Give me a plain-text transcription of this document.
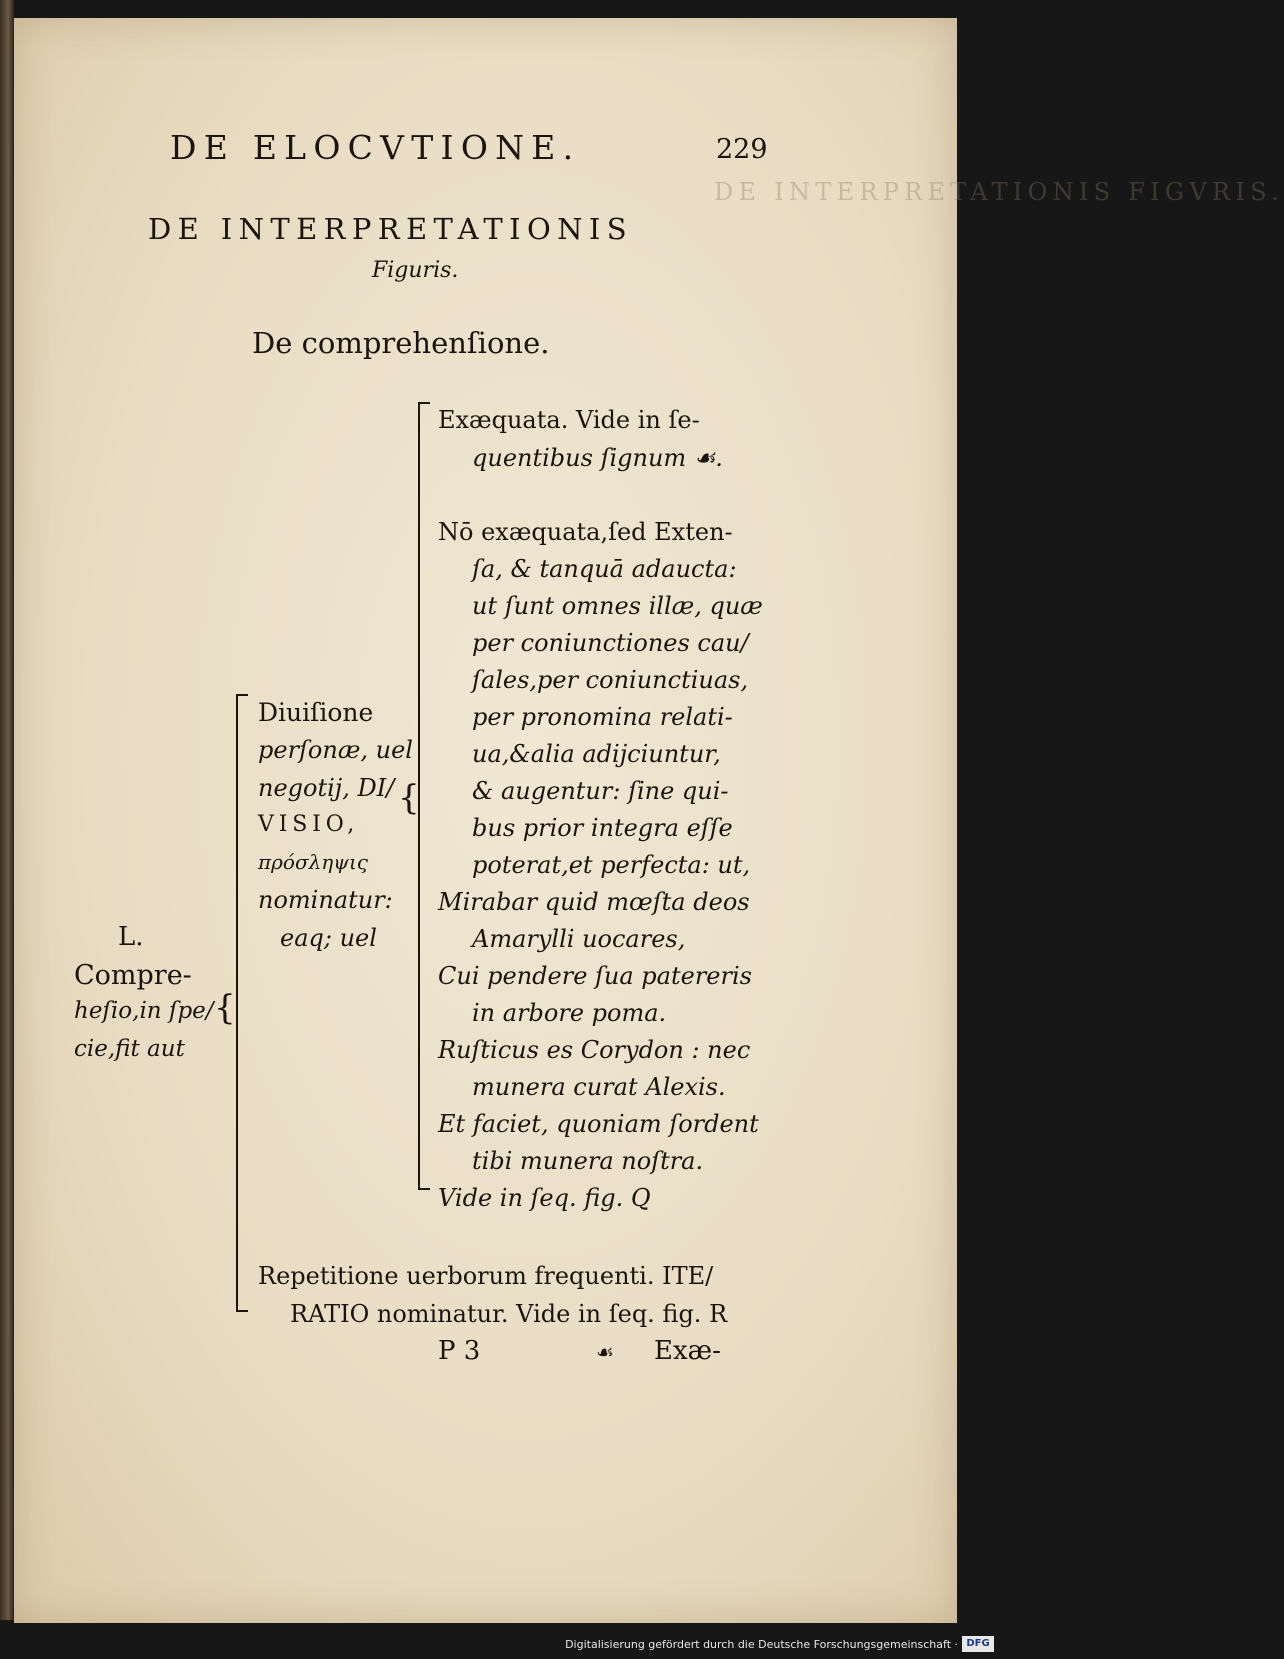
DE INTERPRETATIONIS FIGVRIS.
DE ELOCVTIONE.	229
DE INTERPRETATIONIS
Figuris.
De comprehenſione.
{
Exæquata. Vide in ſe-
quentibus ſignum ☙.
Nō exæquata,ſed Exten-
ſa, & tanquā adaucta:
ut ſunt omnes illæ, quæ
per coniunctiones cau/
ſales,per coniunctiuas,
per pronomina relati-
ua,&alia adijciuntur,
& augentur: ſine qui-
bus prior integra eſſe
poterat,et perfecta: ut,
Mirabar quid mœſta deos
Amarylli uocares,
Cui pendere ſua patereris
in arbore poma.
Ruſticus es Corydon : nec
munera curat Alexis.
Et faciet, quoniam ſordent
tibi munera noſtra.
Vide in ſeq. fig. Q
{
Diuiſione
perſonæ, uel
negotij, DI/
VISIO,
πρόσληψις
nominatur:
eaq; uel
L.
Compre-
heſio,in ſpe/
cie,fit aut
Repetitione uerborum frequenti. ITE/
RATIO nominatur. Vide in ſeq. fig. R
P 3	☙ Exæ-
Digitalisierung gefördert durch die Deutsche Forschungsgemeinschaft · DFG
